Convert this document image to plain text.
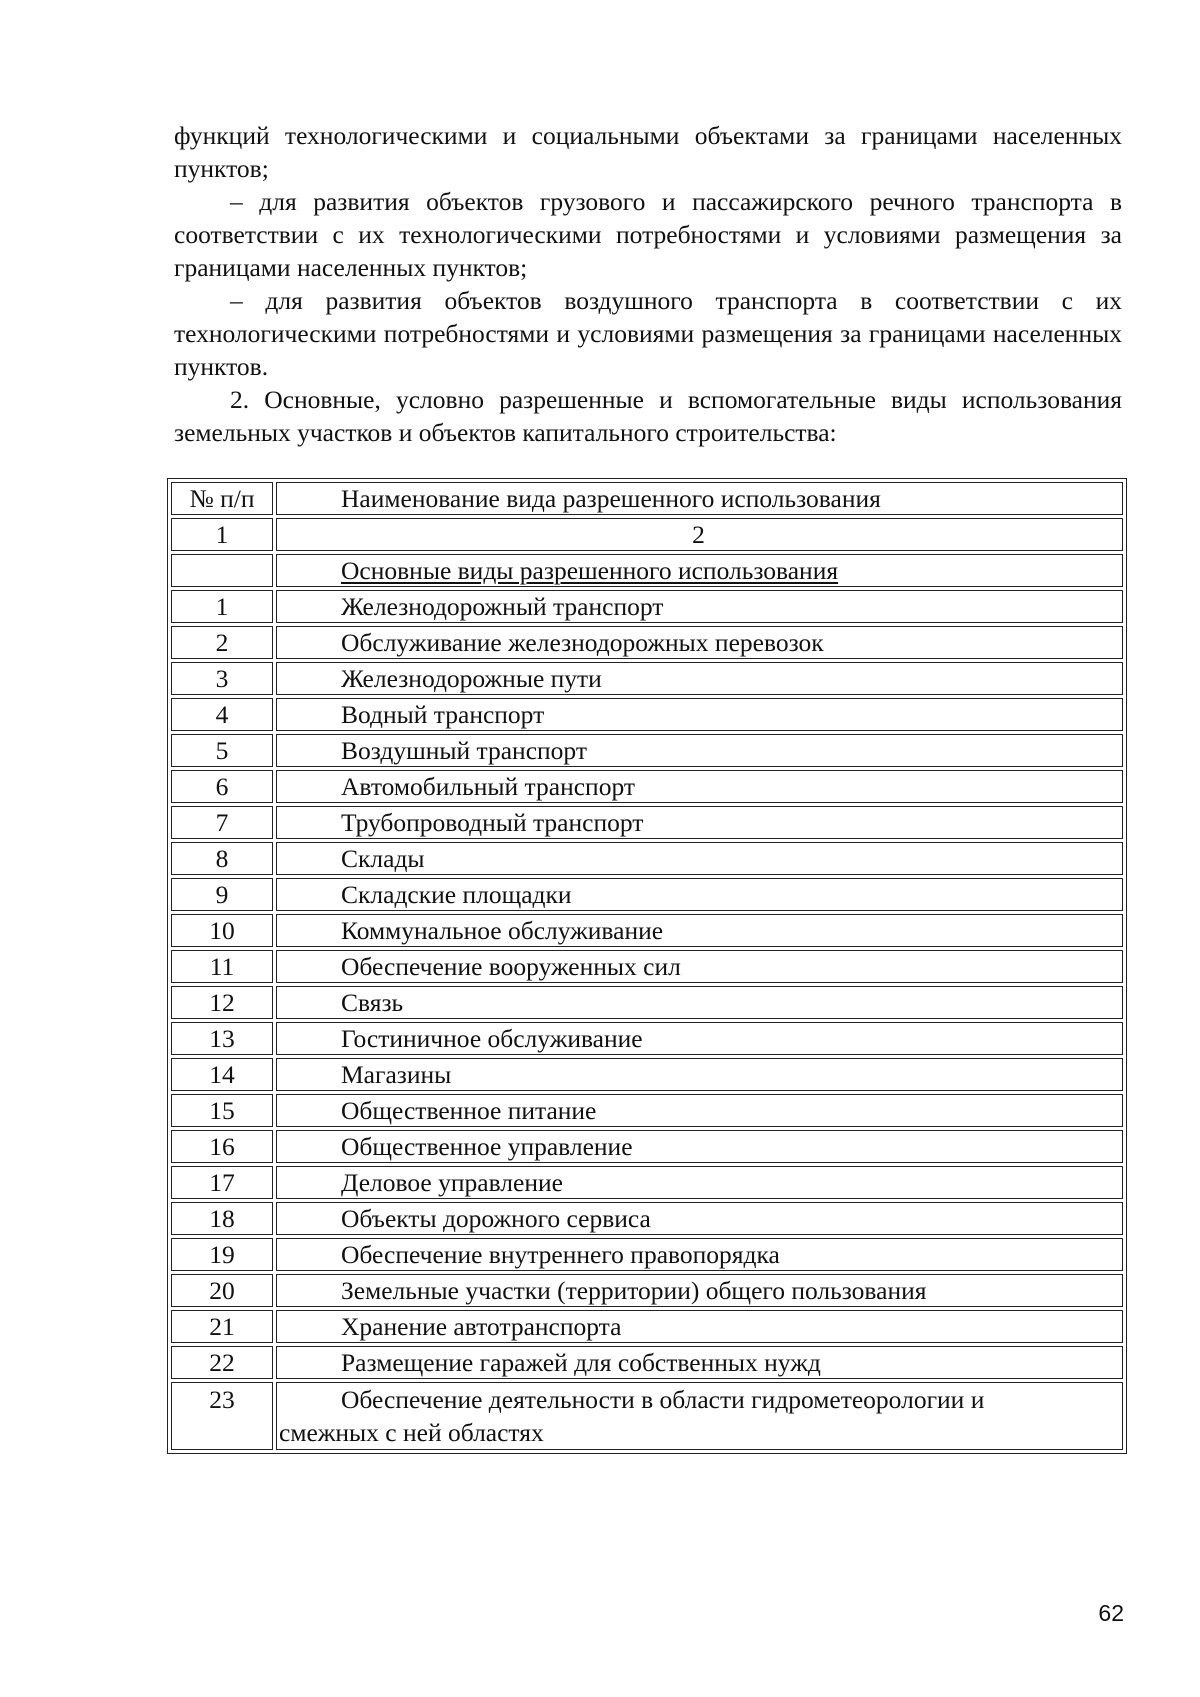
функций технологическими и социальными объектами за границами населенных пунктов;

– для развития объектов грузового и пассажирского речного транспорта в соответствии с их технологическими потребностями и условиями размещения за границами населенных пунктов;

– для развития объектов воздушного транспорта в соответствии с их технологическими потребностями и условиями размещения за границами населенных пунктов.

2. Основные, условно разрешенные и вспомогательные виды использования земельных участков и объектов капитального строительства:

№ п/п	Наименование вида разрешенного использования
1	2
	Основные виды разрешенного использования
1	Железнодорожный транспорт
2	Обслуживание железнодорожных перевозок
3	Железнодорожные пути
4	Водный транспорт
5	Воздушный транспорт
6	Автомобильный транспорт
7	Трубопроводный транспорт
8	Склады
9	Складские площадки
10	Коммунальное обслуживание
11	Обеспечение вооруженных сил
12	Связь
13	Гостиничное обслуживание
14	Магазины
15	Общественное питание
16	Общественное управление
17	Деловое управление
18	Объекты дорожного сервиса
19	Обеспечение внутреннего правопорядка
20	Земельные участки (территории) общего пользования
21	Хранение автотранспорта
22	Размещение гаражей для собственных нужд
23	Обеспечение деятельности в области гидрометеорологии и
смежных с ней областях
62
